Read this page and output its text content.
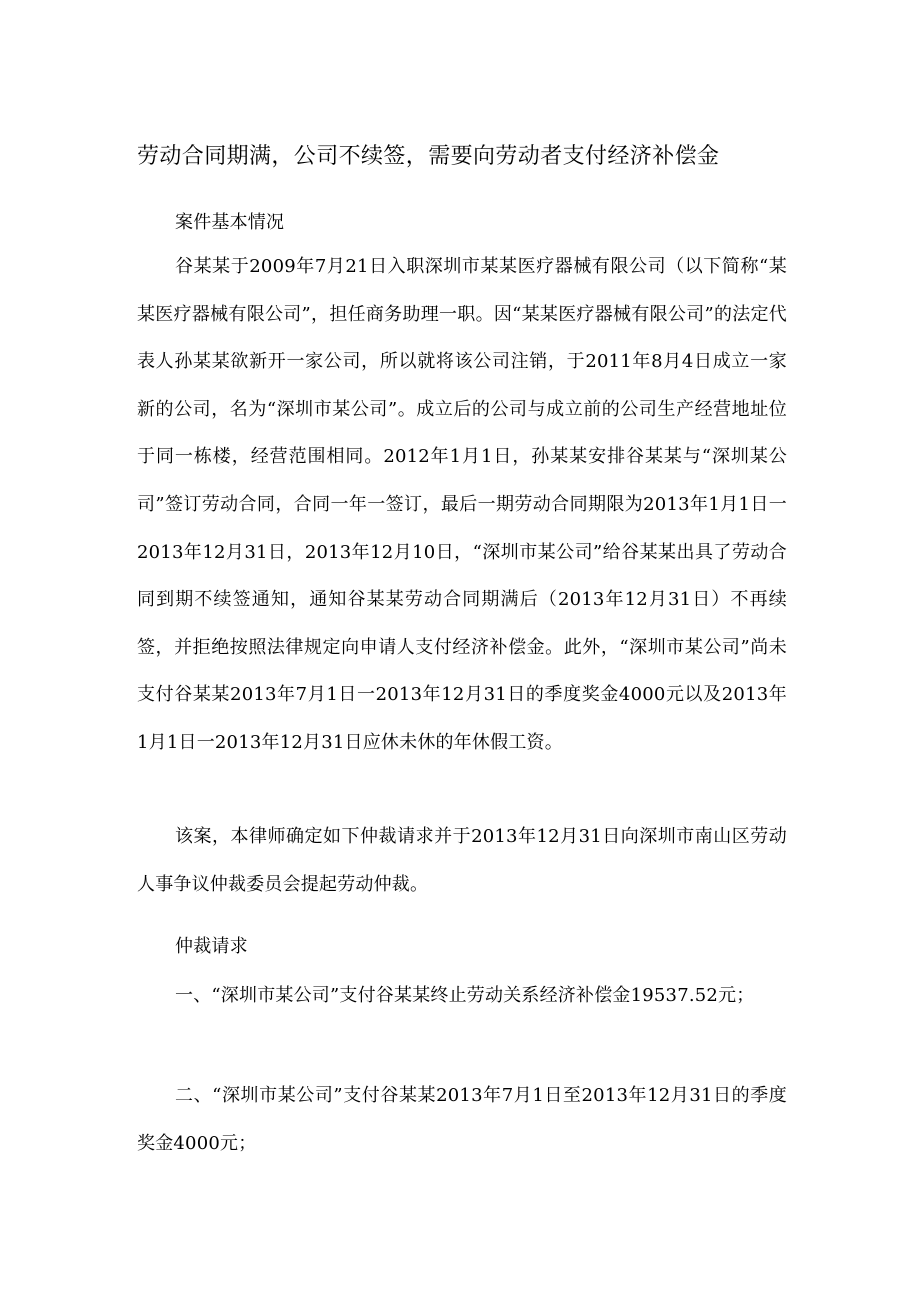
劳动合同期满，公司不续签，需要向劳动者支付经济补偿金
案件基本情况
谷某某于2009年7月21日入职深圳市某某医疗器械有限公司（以下简称“某某医疗器械有限公司”，担任商务助理一职。因“某某医疗器械有限公司”的法定代表人孙某某欲新开一家公司，所以就将该公司注销，于2011年8月4日成立一家新的公司，名为“深圳市某公司”。成立后的公司与成立前的公司生产经营地址位于同一栋楼，经营范围相同。2012年1月1日，孙某某安排谷某某与“深圳某公司”签订劳动合同，合同一年一签订，最后一期劳动合同期限为2013年1月1日一2013年12月31日，2013年12月10日，“深圳市某公司”给谷某某出具了劳动合同到期不续签通知，通知谷某某劳动合同期满后（2013年12月31日）不再续签，并拒绝按照法律规定向申请人支付经济补偿金。此外，“深圳市某公司”尚未支付谷某某2013年7月1日一2013年12月31日的季度奖金4000元以及2013年1月1日一2013年12月31日应休未休的年休假工资。
该案，本律师确定如下仲裁请求并于2013年12月31日向深圳市南山区劳动人事争议仲裁委员会提起劳动仲裁。
仲裁请求
一、“深圳市某公司”支付谷某某终止劳动关系经济补偿金19537.52元；
二、“深圳市某公司”支付谷某某2013年7月1日至2013年12月31日的季度奖金4000元；
